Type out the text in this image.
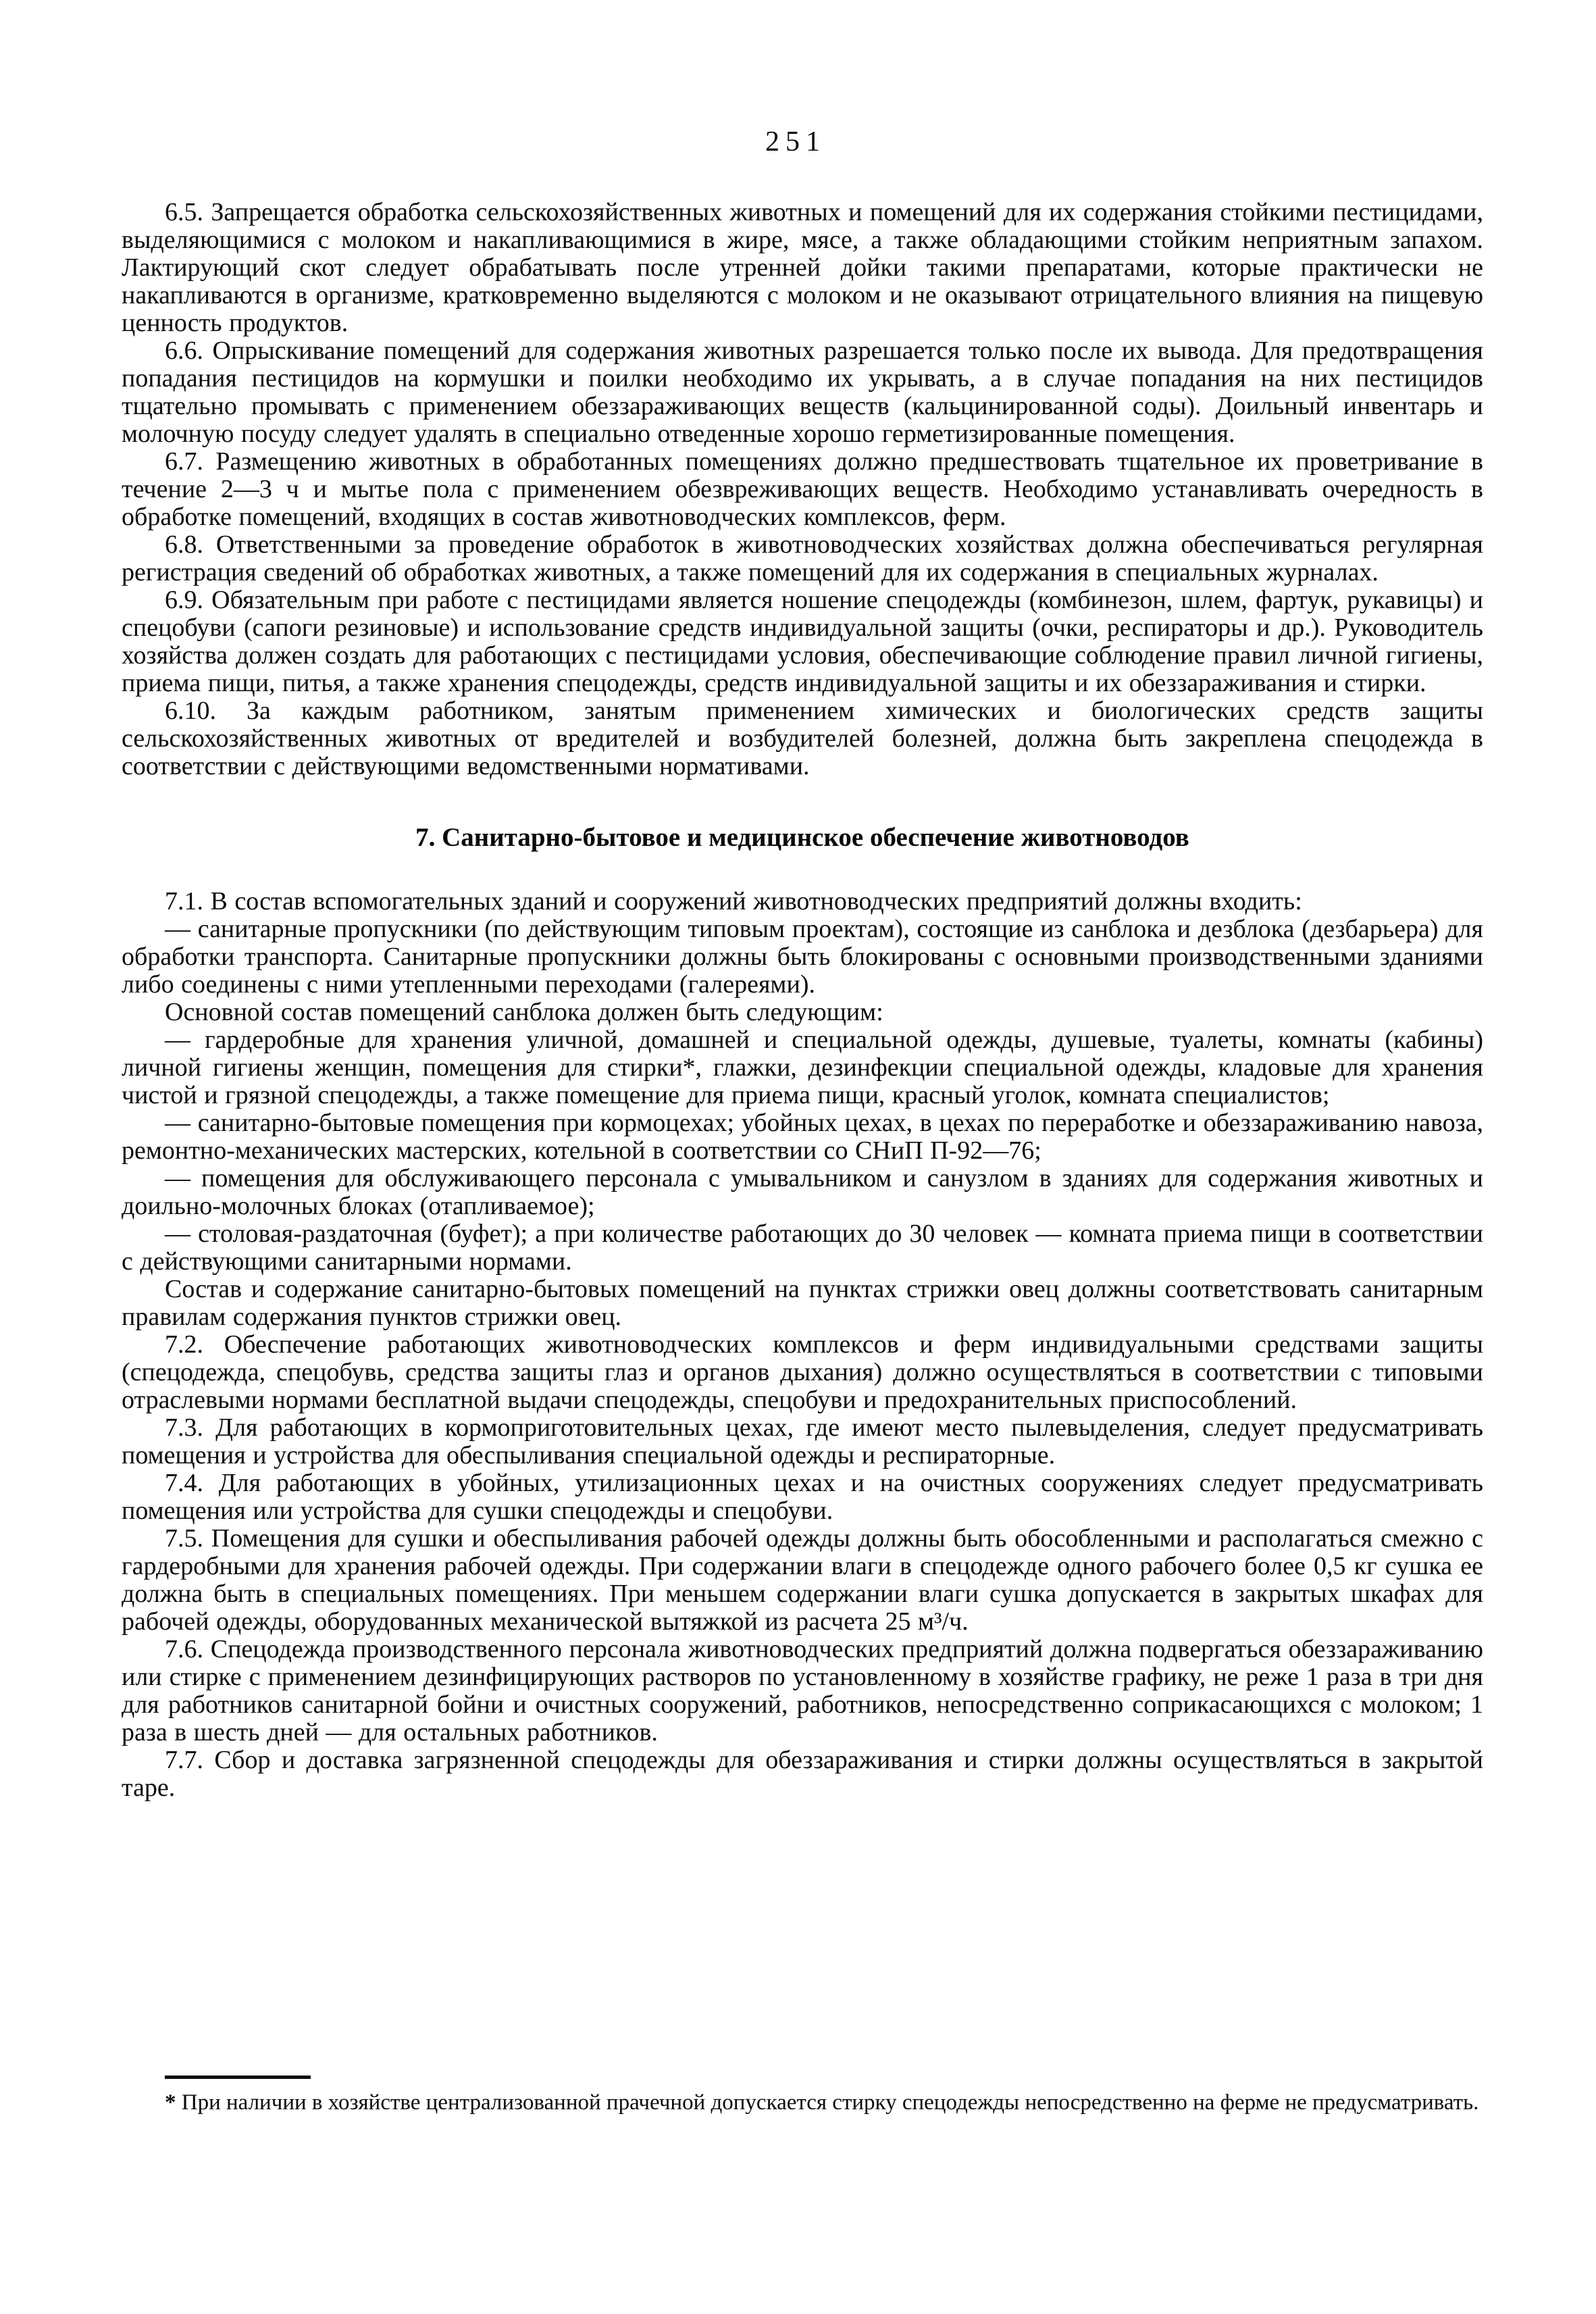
251

6.5. Запрещается обработка сельскохозяйственных животных и помещений для их содержания стойкими пестицидами, выделяющимися с молоком и накапливающимися в жире, мясе, а также обладающими стойким неприятным запахом. Лактирующий скот следует обрабатывать после утренней дойки такими препаратами, которые практически не накапливаются в организме, кратковременно выделяются с молоком и не оказывают отрицательного влияния на пищевую ценность продуктов.

6.6. Опрыскивание помещений для содержания животных разрешается только после их вывода. Для предотвращения попадания пестицидов на кормушки и поилки необходимо их укрывать, а в случае попадания на них пестицидов тщательно промывать с применением обеззараживающих веществ (кальцинированной соды). Доильный инвентарь и молочную посуду следует удалять в специально отведенные хорошо герметизированные помещения.

6.7. Размещению животных в обработанных помещениях должно предшествовать тщательное их проветривание в течение 2—3 ч и мытье пола с применением обезвреживающих веществ. Необходимо устанавливать очередность в обработке помещений, входящих в состав животноводческих комплексов, ферм.

6.8. Ответственными за проведение обработок в животноводческих хозяйствах должна обеспечиваться регулярная регистрация сведений об обработках животных, а также помещений для их содержания в специальных журналах.

6.9. Обязательным при работе с пестицидами является ношение спецодежды (комбинезон, шлем, фартук, рукавицы) и спецобуви (сапоги резиновые) и использование средств индивидуальной защиты (очки, респираторы и др.). Руководитель хозяйства должен создать для работающих с пестицидами условия, обеспечивающие соблюдение правил личной гигиены, приема пищи, питья, а также хранения спецодежды, средств индивидуальной защиты и их обеззараживания и стирки.

6.10. За каждым работником, занятым применением химических и биологических средств защиты сельскохозяйственных животных от вредителей и возбудителей болезней, должна быть закреплена спецодежда в соответствии с действующими ведомственными нормативами.

7. Санитарно-бытовое и медицинское обеспечение животноводов

7.1. В состав вспомогательных зданий и сооружений животноводческих предприятий должны входить:

— санитарные пропускники (по действующим типовым проектам), состоящие из санблока и дезблока (дезбарьера) для обработки транспорта. Санитарные пропускники должны быть блокированы с основными производственными зданиями либо соединены с ними утепленными переходами (галереями).

Основной состав помещений санблока должен быть следующим:

— гардеробные для хранения уличной, домашней и специальной одежды, душевые, туалеты, комнаты (кабины) личной гигиены женщин, помещения для стирки*, глажки, дезинфекции специальной одежды, кладовые для хранения чистой и грязной спецодежды, а также помещение для приема пищи, красный уголок, комната специалистов;

— санитарно-бытовые помещения при кормоцехах; убойных цехах, в цехах по переработке и обеззараживанию навоза, ремонтно-механических мастерских, котельной в соответствии со СНиП П-92—76;

— помещения для обслуживающего персонала с умывальником и санузлом в зданиях для содержания животных и доильно-молочных блоках (отапливаемое);

— столовая-раздаточная (буфет); а при количестве работающих до 30 человек — комната приема пищи в соответствии с действующими санитарными нормами.

Состав и содержание санитарно-бытовых помещений на пунктах стрижки овец должны соответствовать санитарным правилам содержания пунктов стрижки овец.

7.2. Обеспечение работающих животноводческих комплексов и ферм индивидуальными средствами защиты (спецодежда, спецобувь, средства защиты глаз и органов дыхания) должно осуществляться в соответствии с типовыми отраслевыми нормами бесплатной выдачи спецодежды, спецобуви и предохранительных приспособлений.

7.3. Для работающих в кормоприготовительных цехах, где имеют место пылевыделения, следует предусматривать помещения и устройства для обеспыливания специальной одежды и респираторные.

7.4. Для работающих в убойных, утилизационных цехах и на очистных сооружениях следует предусматривать помещения или устройства для сушки спецодежды и спецобуви.

7.5. Помещения для сушки и обеспыливания рабочей одежды должны быть обособленными и располагаться смежно с гардеробными для хранения рабочей одежды. При содержании влаги в спецодежде одного рабочего более 0,5 кг сушка ее должна быть в специальных помещениях. При меньшем содержании влаги сушка допускается в закрытых шкафах для рабочей одежды, оборудованных механической вытяжкой из расчета 25 м³/ч.

7.6. Спецодежда производственного персонала животноводческих предприятий должна подвергаться обеззараживанию или стирке с применением дезинфицирующих растворов по установленному в хозяйстве графику, не реже 1 раза в три дня для работников санитарной бойни и очистных сооружений, работников, непосредственно соприкасающихся с молоком; 1 раза в шесть дней — для остальных работников.

7.7. Сбор и доставка загрязненной спецодежды для обеззараживания и стирки должны осуществляться в закрытой таре.

* При наличии в хозяйстве централизованной прачечной допускается стирку спецодежды непосредственно на ферме не предусматривать.
